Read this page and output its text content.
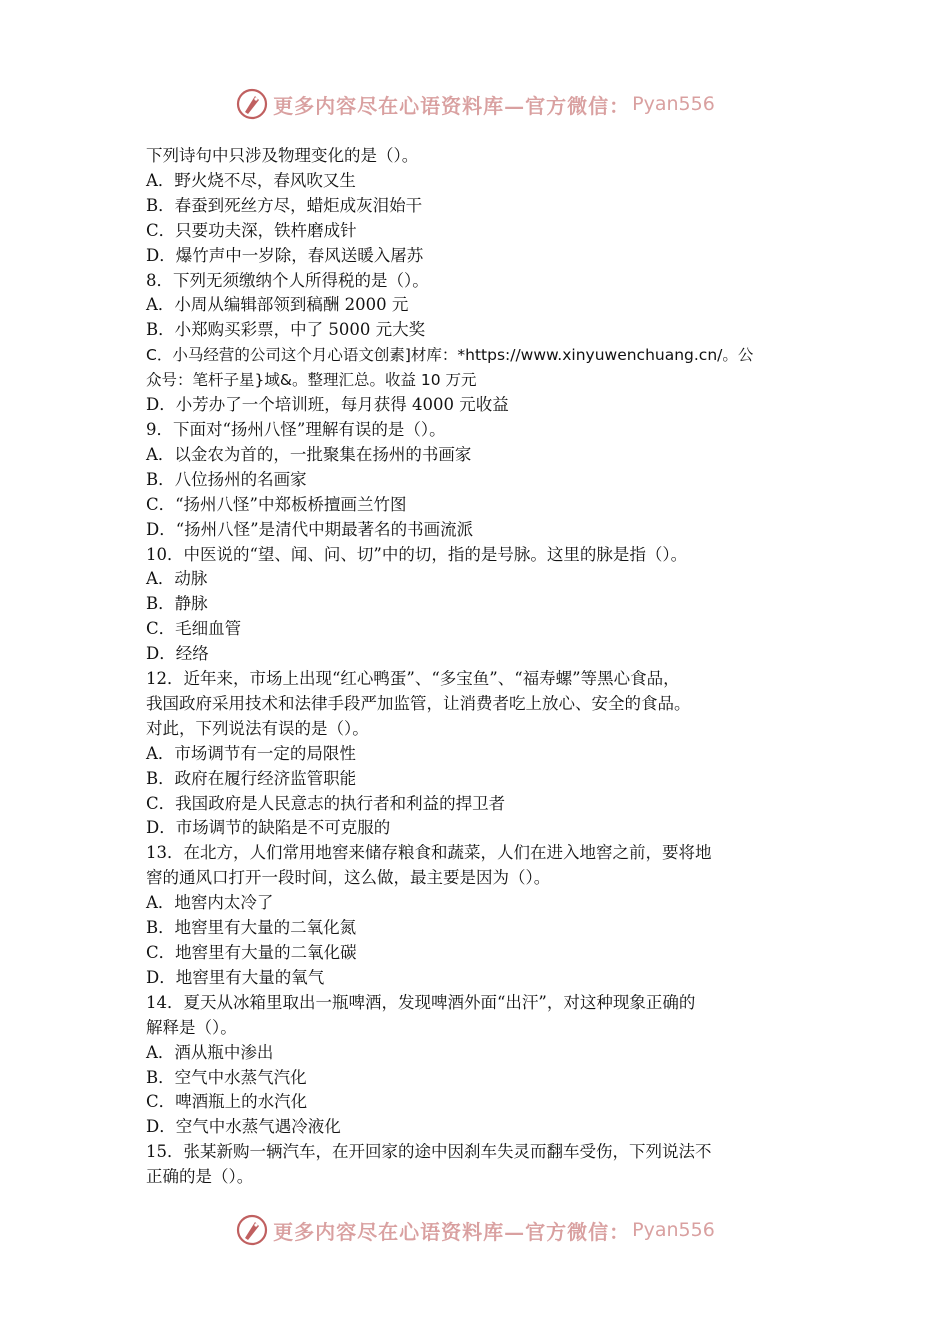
更多内容尽在心语资料库—官方微信： Pyan556
下列诗句中只涉及物理变化的是（）。
A．野火烧不尽，春风吹又生
B．春蚕到死丝方尽，蜡炬成灰泪始干
C．只要功夫深，铁杵磨成针
D．爆竹声中一岁除，春风送暖入屠苏
8．下列无须缴纳个人所得税的是（）。
A．小周从编辑部领到稿酬 2000 元
B．小郑购买彩票，中了 5000 元大奖
C．小马经营的公司这个月心语文创素]材库：*https://www.xinyuwenchuang.cn/。公
众号：笔杆子星}域&。整理汇总。收益 10 万元
D．小芳办了一个培训班，每月获得 4000 元收益
9．下面对“扬州八怪”理解有误的是（）。
A．以金农为首的，一批聚集在扬州的书画家
B．八位扬州的名画家
C．“扬州八怪”中郑板桥擅画兰竹图
D．“扬州八怪”是清代中期最著名的书画流派
10．中医说的“望、闻、问、切”中的切，指的是号脉。这里的脉是指（）。
A．动脉
B．静脉
C．毛细血管
D．经络
12．近年来，市场上出现“红心鸭蛋”、“多宝鱼”、“福寿螺”等黑心食品，
我国政府采用技术和法律手段严加监管，让消费者吃上放心、安全的食品。
对此，下列说法有误的是（）。
A．市场调节有一定的局限性
B．政府在履行经济监管职能
C．我国政府是人民意志的执行者和利益的捍卫者
D．市场调节的缺陷是不可克服的
13．在北方，人们常用地窖来储存粮食和蔬菜，人们在进入地窖之前，要将地
窖的通风口打开一段时间，这么做，最主要是因为（）。
A．地窖内太冷了
B．地窖里有大量的二氧化氮
C．地窖里有大量的二氧化碳
D．地窖里有大量的氧气
14．夏天从冰箱里取出一瓶啤酒，发现啤酒外面“出汗”，对这种现象正确的
解释是（）。
A．酒从瓶中渗出
B．空气中水蒸气汽化
C．啤酒瓶上的水汽化
D．空气中水蒸气遇冷液化
15．张某新购一辆汽车，在开回家的途中因刹车失灵而翻车受伤，下列说法不
正确的是（）。
更多内容尽在心语资料库—官方微信： Pyan556
